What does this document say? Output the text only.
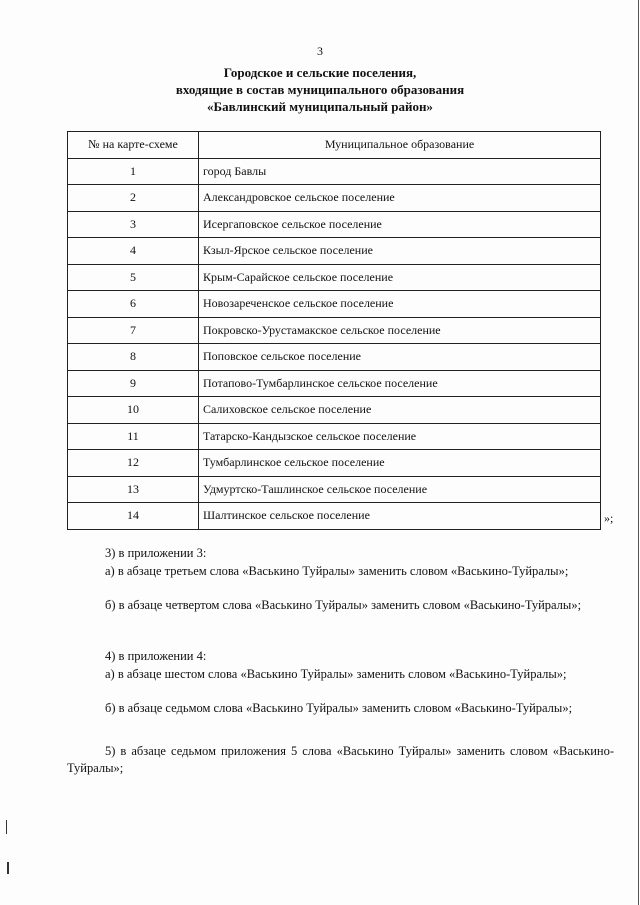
3
Городское и сельские поселения,
входящие в состав муниципального образования
«Бавлинский муниципальный район»
№ на карте-схеме	Муниципальное образование
1	город Бавлы
2	Александровское сельское поселение
3	Исергаповское сельское поселение
4	Кзыл-Ярское сельское поселение
5	Крым-Сарайское сельское поселение
6	Новозареченское сельское поселение
7	Покровско-Урустамакское сельское поселение
8	Поповское сельское поселение
9	Потапово-Тумбарлинское сельское поселение
10	Салиховское сельское поселение
11	Татарско-Кандызское сельское поселение
12	Тумбарлинское сельское поселение
13	Удмуртско-Ташлинское сельское поселение
14	Шалтинское сельское поселение	»;
3) в приложении 3:
а) в абзаце третьем слова «Васькино Туйралы» заменить словом «Васькино-Туйралы»;
б) в абзаце четвертом слова «Васькино Туйралы» заменить словом «Васькино-Туйралы»;
4) в приложении 4:
а) в абзаце шестом слова «Васькино Туйралы» заменить словом «Васькино-Туйралы»;
б) в абзаце седьмом слова «Васькино Туйралы» заменить словом «Васькино-Туйралы»;
5) в абзаце седьмом приложения 5 слова «Васькино Туйралы» заменить словом «Васькино-Туйралы»;
